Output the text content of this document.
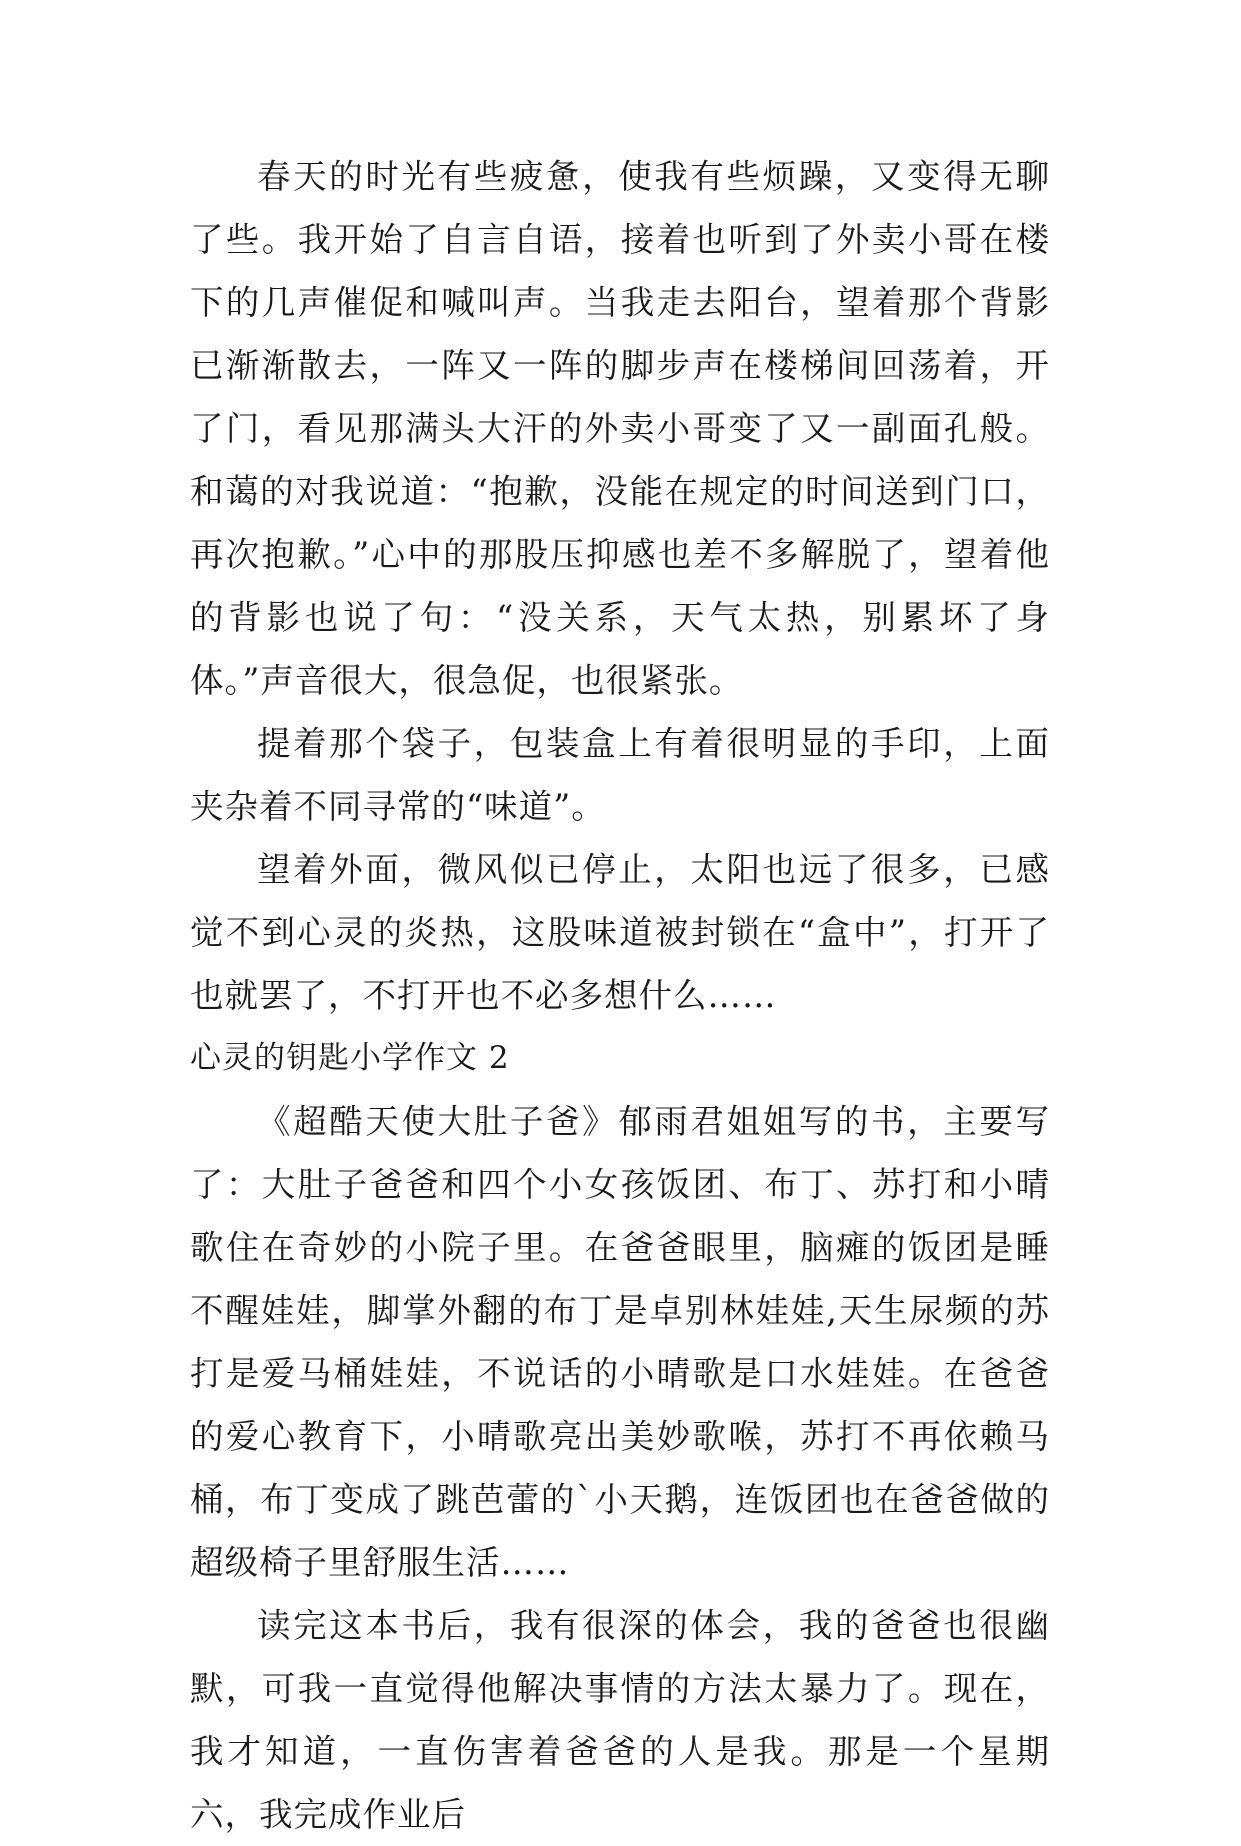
春天的时光有些疲惫，使我有些烦躁，又变得无聊了些。我开始了自言自语，接着也听到了外卖小哥在楼下的几声催促和喊叫声。当我走去阳台，望着那个背影已渐渐散去，一阵又一阵的脚步声在楼梯间回荡着，开了门，看见那满头大汗的外卖小哥变了又一副面孔般。和蔼的对我说道：“抱歉，没能在规定的时间送到门口，再次抱歉。”心中的那股压抑感也差不多解脱了，望着他的背影也说了句：“没关系，天气太热，别累坏了身体。”声音很大，很急促，也很紧张。

提着那个袋子，包装盒上有着很明显的手印，上面夹杂着不同寻常的“味道”。

望着外面，微风似已停止，太阳也远了很多，已感觉不到心灵的炎热，这股味道被封锁在“盒中”，打开了也就罢了，不打开也不必多想什么……

心灵的钥匙小学作文 2

《超酷天使大肚子爸》郁雨君姐姐写的书，主要写了：大肚子爸爸和四个小女孩饭团、布丁、苏打和小晴歌住在奇妙的小院子里。在爸爸眼里，脑瘫的饭团是睡不醒娃娃，脚掌外翻的布丁是卓别林娃娃,天生尿频的苏打是爱马桶娃娃，不说话的小晴歌是口水娃娃。在爸爸的爱心教育下，小晴歌亮出美妙歌喉，苏打不再依赖马桶，布丁变成了跳芭蕾的`小天鹅，连饭团也在爸爸做的超级椅子里舒服生活……

读完这本书后，我有很深的体会，我的爸爸也很幽默，可我一直觉得他解决事情的方法太暴力了。现在，我才知道，一直伤害着爸爸的人是我。那是一个星期六，我完成作业后
